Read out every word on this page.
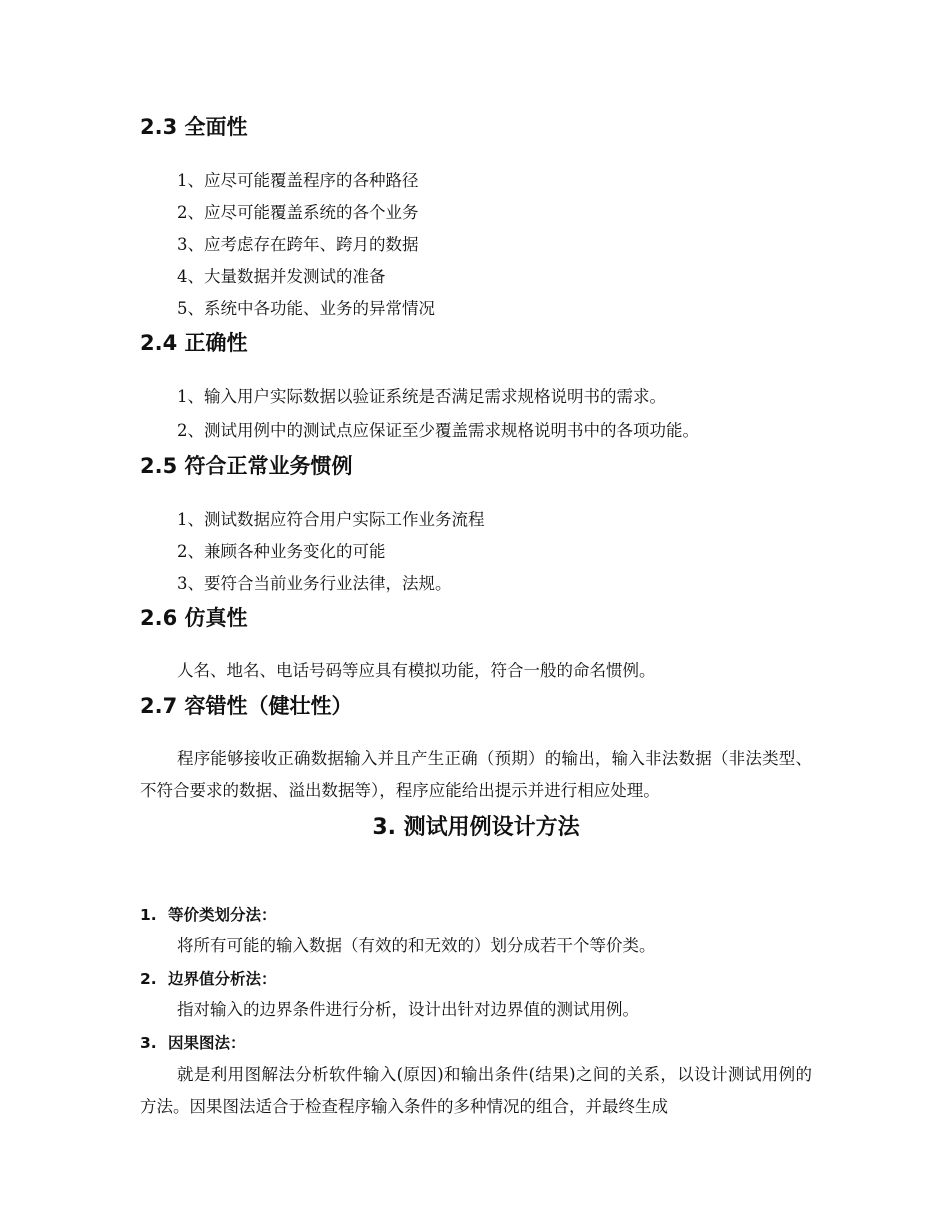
2.3 全面性
1、应尽可能覆盖程序的各种路径
2、应尽可能覆盖系统的各个业务
3、应考虑存在跨年、跨月的数据
4、大量数据并发测试的准备
5、系统中各功能、业务的异常情况
2.4 正确性
1、输入用户实际数据以验证系统是否满足需求规格说明书的需求。
2、测试用例中的测试点应保证至少覆盖需求规格说明书中的各项功能。
2.5 符合正常业务惯例
1、测试数据应符合用户实际工作业务流程
2、兼顾各种业务变化的可能
3、要符合当前业务行业法律，法规。
2.6 仿真性
人名、地名、电话号码等应具有模拟功能，符合一般的命名惯例。
2.7 容错性（健壮性）
程序能够接收正确数据输入并且产生正确（预期）的输出，输入非法数据（非法类型、不符合要求的数据、溢出数据等），程序应能给出提示并进行相应处理。
3. 测试用例设计方法
1. 等价类划分法：
将所有可能的输入数据（有效的和无效的）划分成若干个等价类。
2. 边界值分析法：
指对输入的边界条件进行分析，设计出针对边界值的测试用例。
3. 因果图法：
就是利用图解法分析软件输入(原因)和输出条件(结果)之间的关系，以设计测试用例的方法。因果图法适合于检查程序输入条件的多种情况的组合，并最终生成
